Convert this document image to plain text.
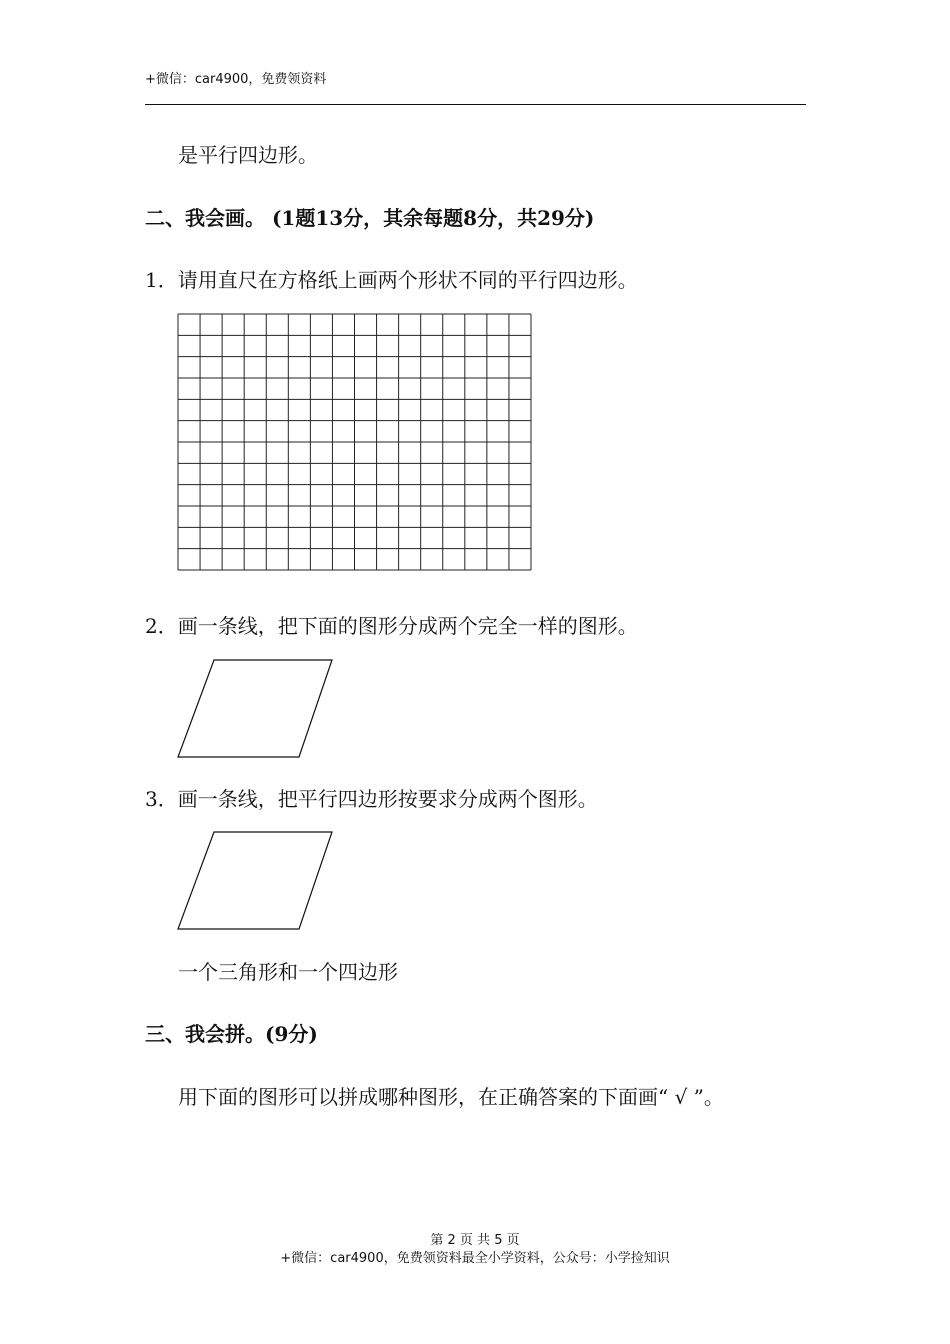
+微信：car4900，免费领资料
是平行四边形。
二、我会画。 (1题13分，其余每题8分，共29分)
1．请用直尺在方格纸上画两个形状不同的平行四边形。
2．画一条线，把下面的图形分成两个完全一样的图形。
3．画一条线，把平行四边形按要求分成两个图形。
一个三角形和一个四边形
三、我会拼。(9分)
用下面的图形可以拼成哪种图形，在正确答案的下面画“ √ ”。
第 2 页 共 5 页
+微信：car4900，免费领资料最全小学资料，公众号：小学捡知识
